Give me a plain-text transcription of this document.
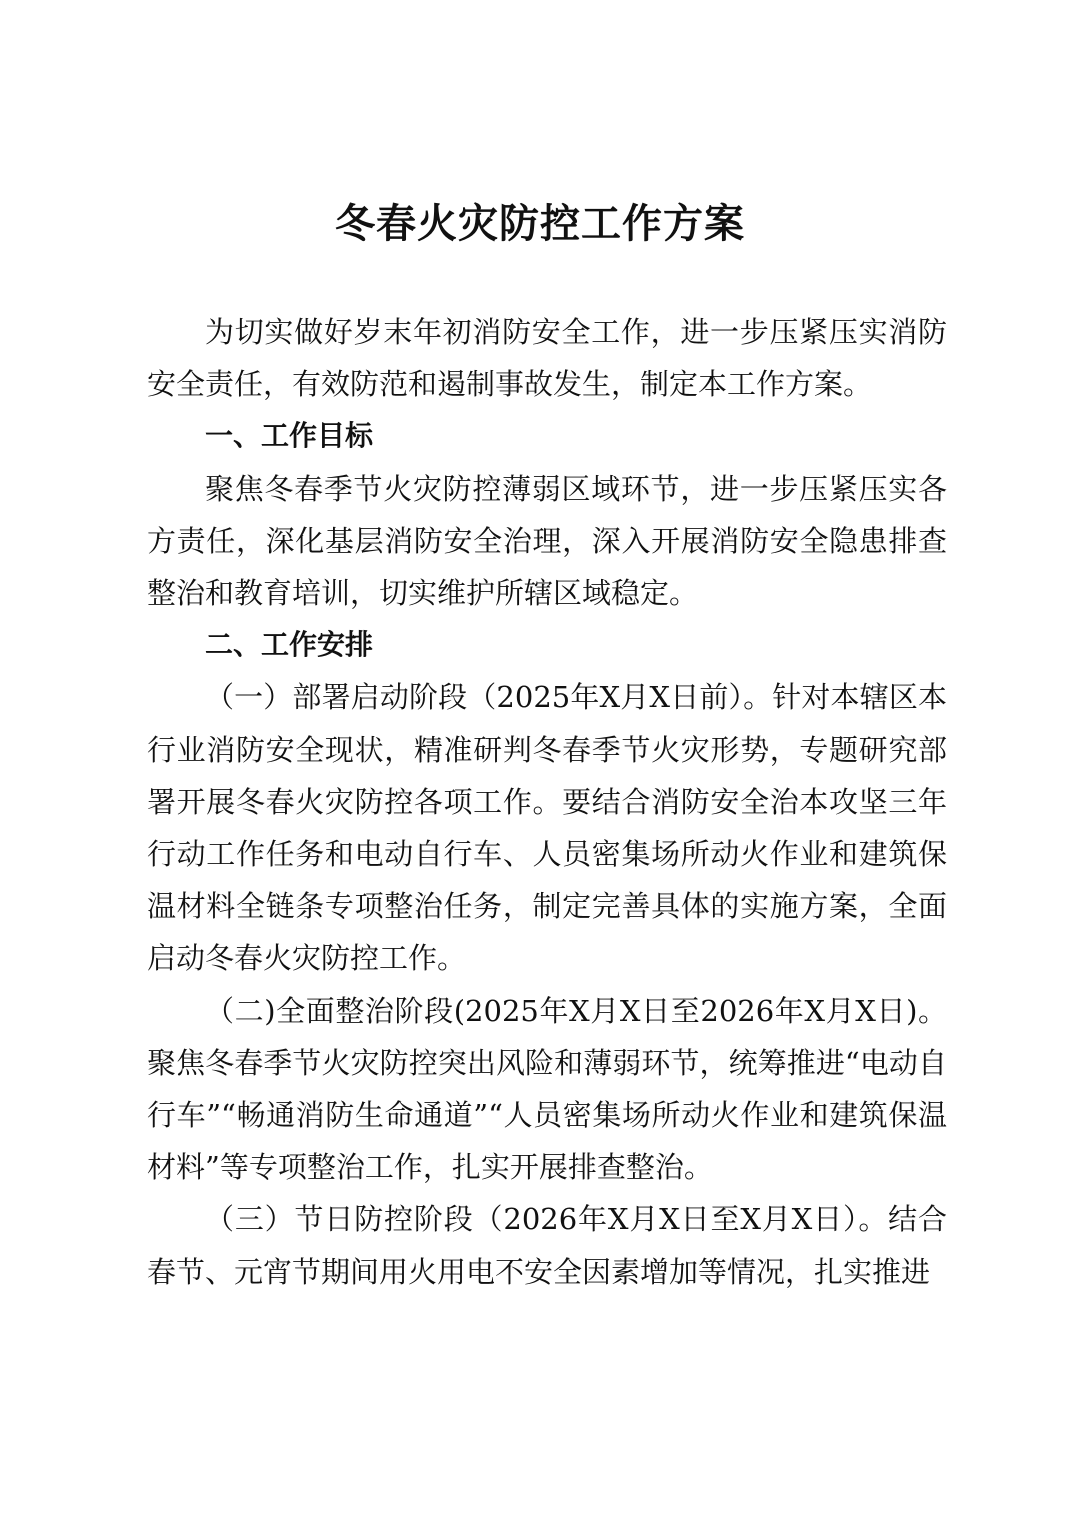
冬春火灾防控工作方案

为切实做好岁末年初消防安全工作，进一步压紧压实消防安全责任，有效防范和遏制事故发生，制定本工作方案。

一、工作目标

聚焦冬春季节火灾防控薄弱区域环节，进一步压紧压实各方责任，深化基层消防安全治理，深入开展消防安全隐患排查整治和教育培训，切实维护所辖区域稳定。

二、工作安排

（一）部署启动阶段（2025年X月X日前）。针对本辖区本行业消防安全现状，精准研判冬春季节火灾形势，专题研究部署开展冬春火灾防控各项工作。要结合消防安全治本攻坚三年行动工作任务和电动自行车、人员密集场所动火作业和建筑保温材料全链条专项整治任务，制定完善具体的实施方案，全面启动冬春火灾防控工作。

（二)全面整治阶段(2025年X月X日至2026年X月X日)。聚焦冬春季节火灾防控突出风险和薄弱环节，统筹推进“电动自行车”“畅通消防生命通道”“人员密集场所动火作业和建筑保温材料”等专项整治工作，扎实开展排查整治。

（三）节日防控阶段（2026年X月X日至X月X日）。结合春节、元宵节期间用火用电不安全因素增加等情况，扎实推进
